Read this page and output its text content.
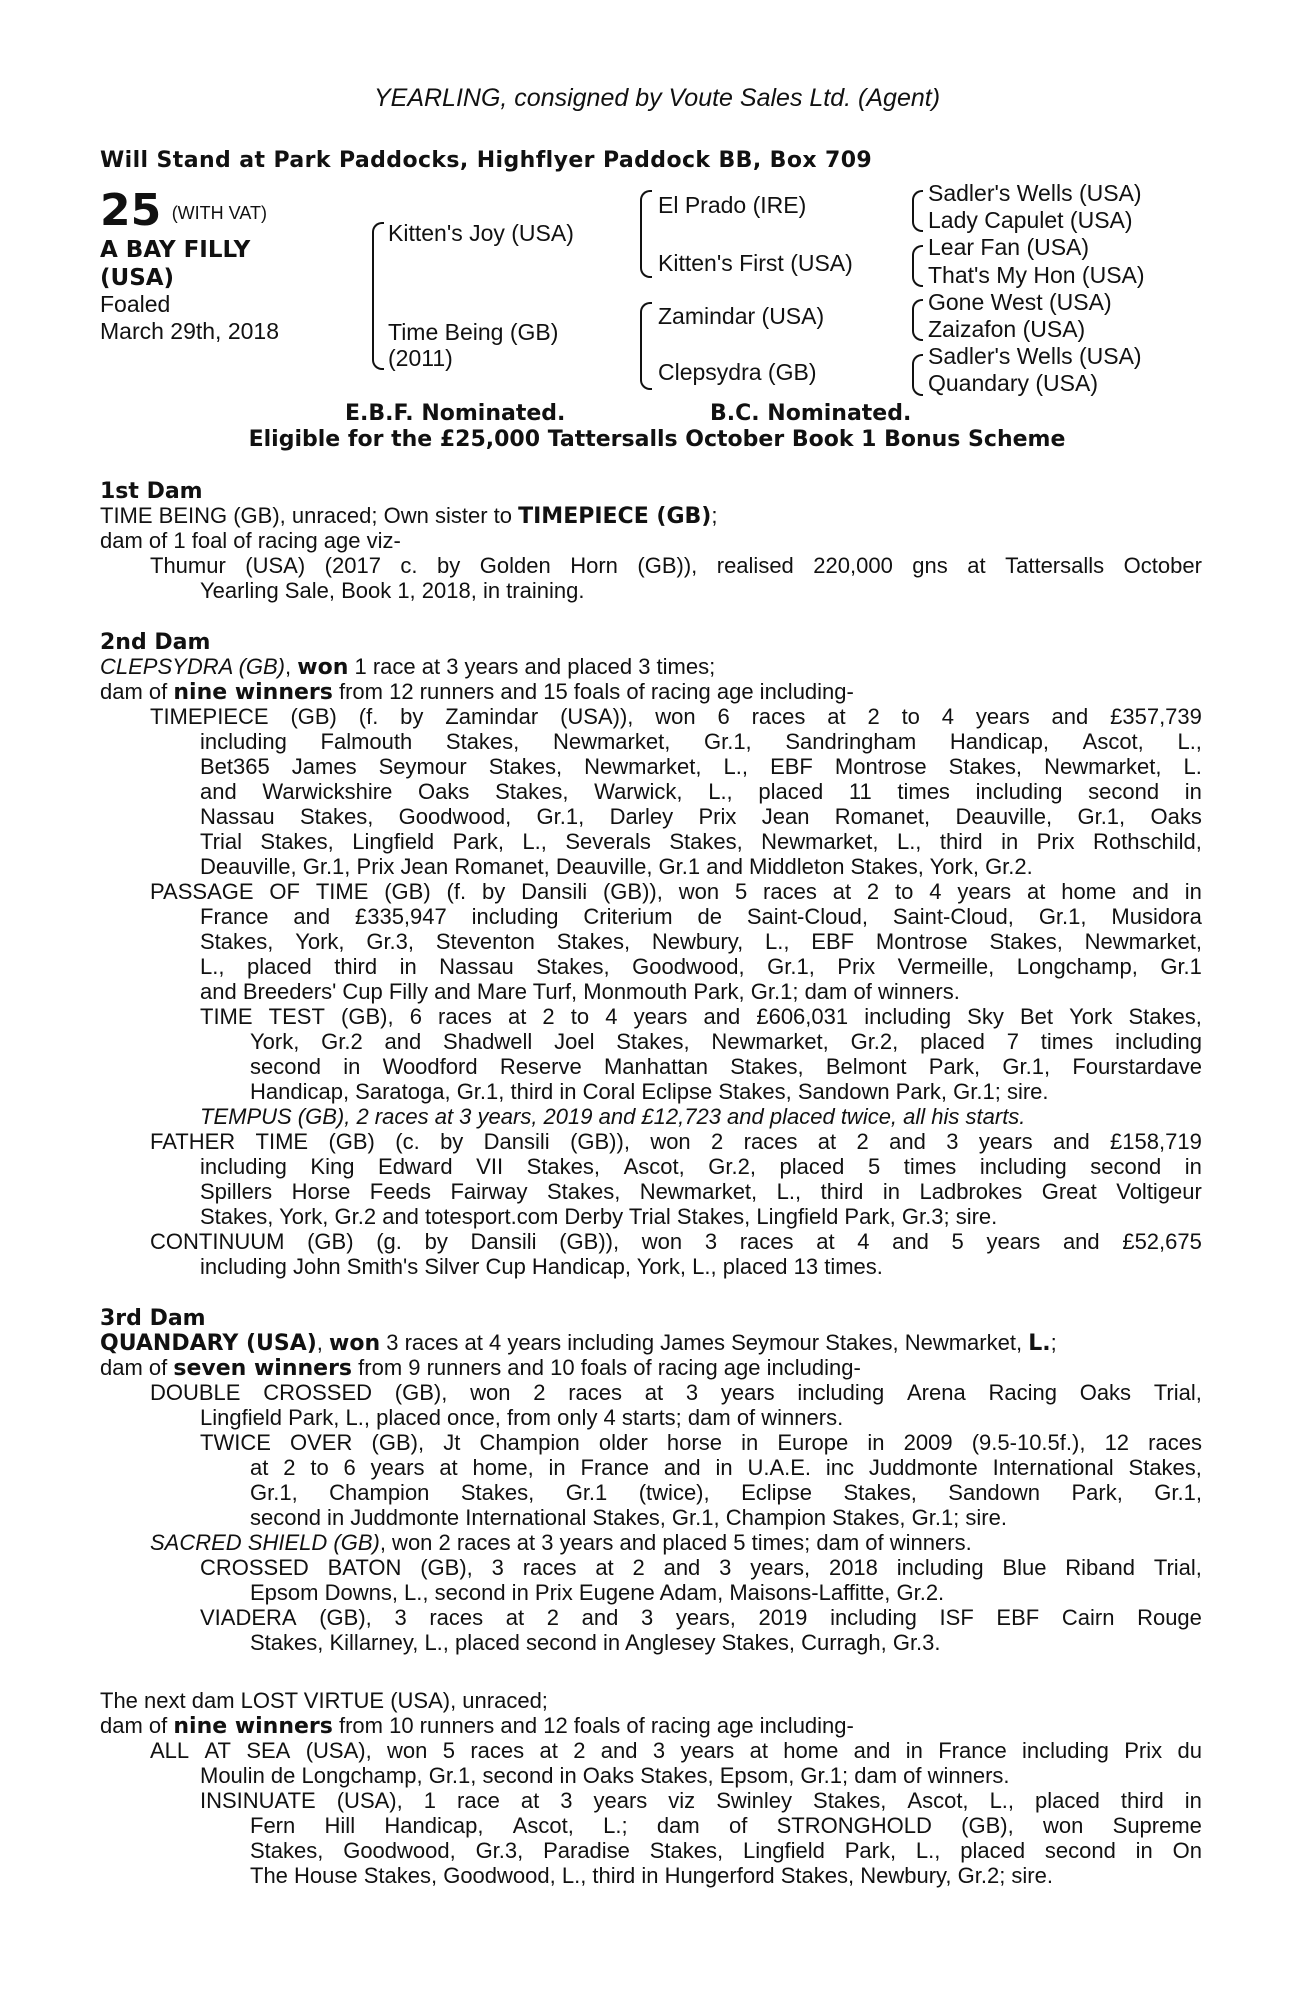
YEARLING, consigned by Voute Sales Ltd. (Agent)
Will Stand at Park Paddocks, Highflyer Paddock BB, Box 709
25 (WITH VAT)
A BAY FILLY
(USA)
Foaled
March 29th, 2018
Kitten's Joy (USA)
Time Being (GB)
(2011)
El Prado (IRE)
Kitten's First (USA)
Zamindar (USA)
Clepsydra (GB)
Sadler's Wells (USA)
Lady Capulet (USA)
Lear Fan (USA)
That's My Hon (USA)
Gone West (USA)
Zaizafon (USA)
Sadler's Wells (USA)
Quandary (USA)
E.B.F. Nominated.	B.C. Nominated.
Eligible for the £25,000 Tattersalls October Book 1 Bonus Scheme
1st Dam
TIME BEING (GB), unraced; Own sister to TIMEPIECE (GB);
dam of 1 foal of racing age viz-
Thumur (USA) (2017 c. by Golden Horn (GB)), realised 220,000 gns at Tattersalls October
Yearling Sale, Book 1, 2018, in training.
2nd Dam
CLEPSYDRA (GB), won 1 race at 3 years and placed 3 times;
dam of nine winners from 12 runners and 15 foals of racing age including-
TIMEPIECE (GB) (f. by Zamindar (USA)), won 6 races at 2 to 4 years and £357,739
including Falmouth Stakes, Newmarket, Gr.1, Sandringham Handicap, Ascot, L.,
Bet365 James Seymour Stakes, Newmarket, L., EBF Montrose Stakes, Newmarket, L.
and Warwickshire Oaks Stakes, Warwick, L., placed 11 times including second in
Nassau Stakes, Goodwood, Gr.1, Darley Prix Jean Romanet, Deauville, Gr.1, Oaks
Trial Stakes, Lingfield Park, L., Severals Stakes, Newmarket, L., third in Prix Rothschild,
Deauville, Gr.1, Prix Jean Romanet, Deauville, Gr.1 and Middleton Stakes, York, Gr.2.
PASSAGE OF TIME (GB) (f. by Dansili (GB)), won 5 races at 2 to 4 years at home and in
France and £335,947 including Criterium de Saint-Cloud, Saint-Cloud, Gr.1, Musidora
Stakes, York, Gr.3, Steventon Stakes, Newbury, L., EBF Montrose Stakes, Newmarket,
L., placed third in Nassau Stakes, Goodwood, Gr.1, Prix Vermeille, Longchamp, Gr.1
and Breeders' Cup Filly and Mare Turf, Monmouth Park, Gr.1; dam of winners.
TIME TEST (GB), 6 races at 2 to 4 years and £606,031 including Sky Bet York Stakes,
York, Gr.2 and Shadwell Joel Stakes, Newmarket, Gr.2, placed 7 times including
second in Woodford Reserve Manhattan Stakes, Belmont Park, Gr.1, Fourstardave
Handicap, Saratoga, Gr.1, third in Coral Eclipse Stakes, Sandown Park, Gr.1; sire.
TEMPUS (GB), 2 races at 3 years, 2019 and £12,723 and placed twice, all his starts.
FATHER TIME (GB) (c. by Dansili (GB)), won 2 races at 2 and 3 years and £158,719
including King Edward VII Stakes, Ascot, Gr.2, placed 5 times including second in
Spillers Horse Feeds Fairway Stakes, Newmarket, L., third in Ladbrokes Great Voltigeur
Stakes, York, Gr.2 and totesport.com Derby Trial Stakes, Lingfield Park, Gr.3; sire.
CONTINUUM (GB) (g. by Dansili (GB)), won 3 races at 4 and 5 years and £52,675
including John Smith's Silver Cup Handicap, York, L., placed 13 times.
3rd Dam
QUANDARY (USA), won 3 races at 4 years including James Seymour Stakes, Newmarket, L.;
dam of seven winners from 9 runners and 10 foals of racing age including-
DOUBLE CROSSED (GB), won 2 races at 3 years including Arena Racing Oaks Trial,
Lingfield Park, L., placed once, from only 4 starts; dam of winners.
TWICE OVER (GB), Jt Champion older horse in Europe in 2009 (9.5-10.5f.), 12 races
at 2 to 6 years at home, in France and in U.A.E. inc Juddmonte International Stakes,
Gr.1, Champion Stakes, Gr.1 (twice), Eclipse Stakes, Sandown Park, Gr.1,
second in Juddmonte International Stakes, Gr.1, Champion Stakes, Gr.1; sire.
SACRED SHIELD (GB), won 2 races at 3 years and placed 5 times; dam of winners.
CROSSED BATON (GB), 3 races at 2 and 3 years, 2018 including Blue Riband Trial,
Epsom Downs, L., second in Prix Eugene Adam, Maisons-Laffitte, Gr.2.
VIADERA (GB), 3 races at 2 and 3 years, 2019 including ISF EBF Cairn Rouge
Stakes, Killarney, L., placed second in Anglesey Stakes, Curragh, Gr.3.
The next dam LOST VIRTUE (USA), unraced;
dam of nine winners from 10 runners and 12 foals of racing age including-
ALL AT SEA (USA), won 5 races at 2 and 3 years at home and in France including Prix du
Moulin de Longchamp, Gr.1, second in Oaks Stakes, Epsom, Gr.1; dam of winners.
INSINUATE (USA), 1 race at 3 years viz Swinley Stakes, Ascot, L., placed third in
Fern Hill Handicap, Ascot, L.; dam of STRONGHOLD (GB), won Supreme
Stakes, Goodwood, Gr.3, Paradise Stakes, Lingfield Park, L., placed second in On
The House Stakes, Goodwood, L., third in Hungerford Stakes, Newbury, Gr.2; sire.
